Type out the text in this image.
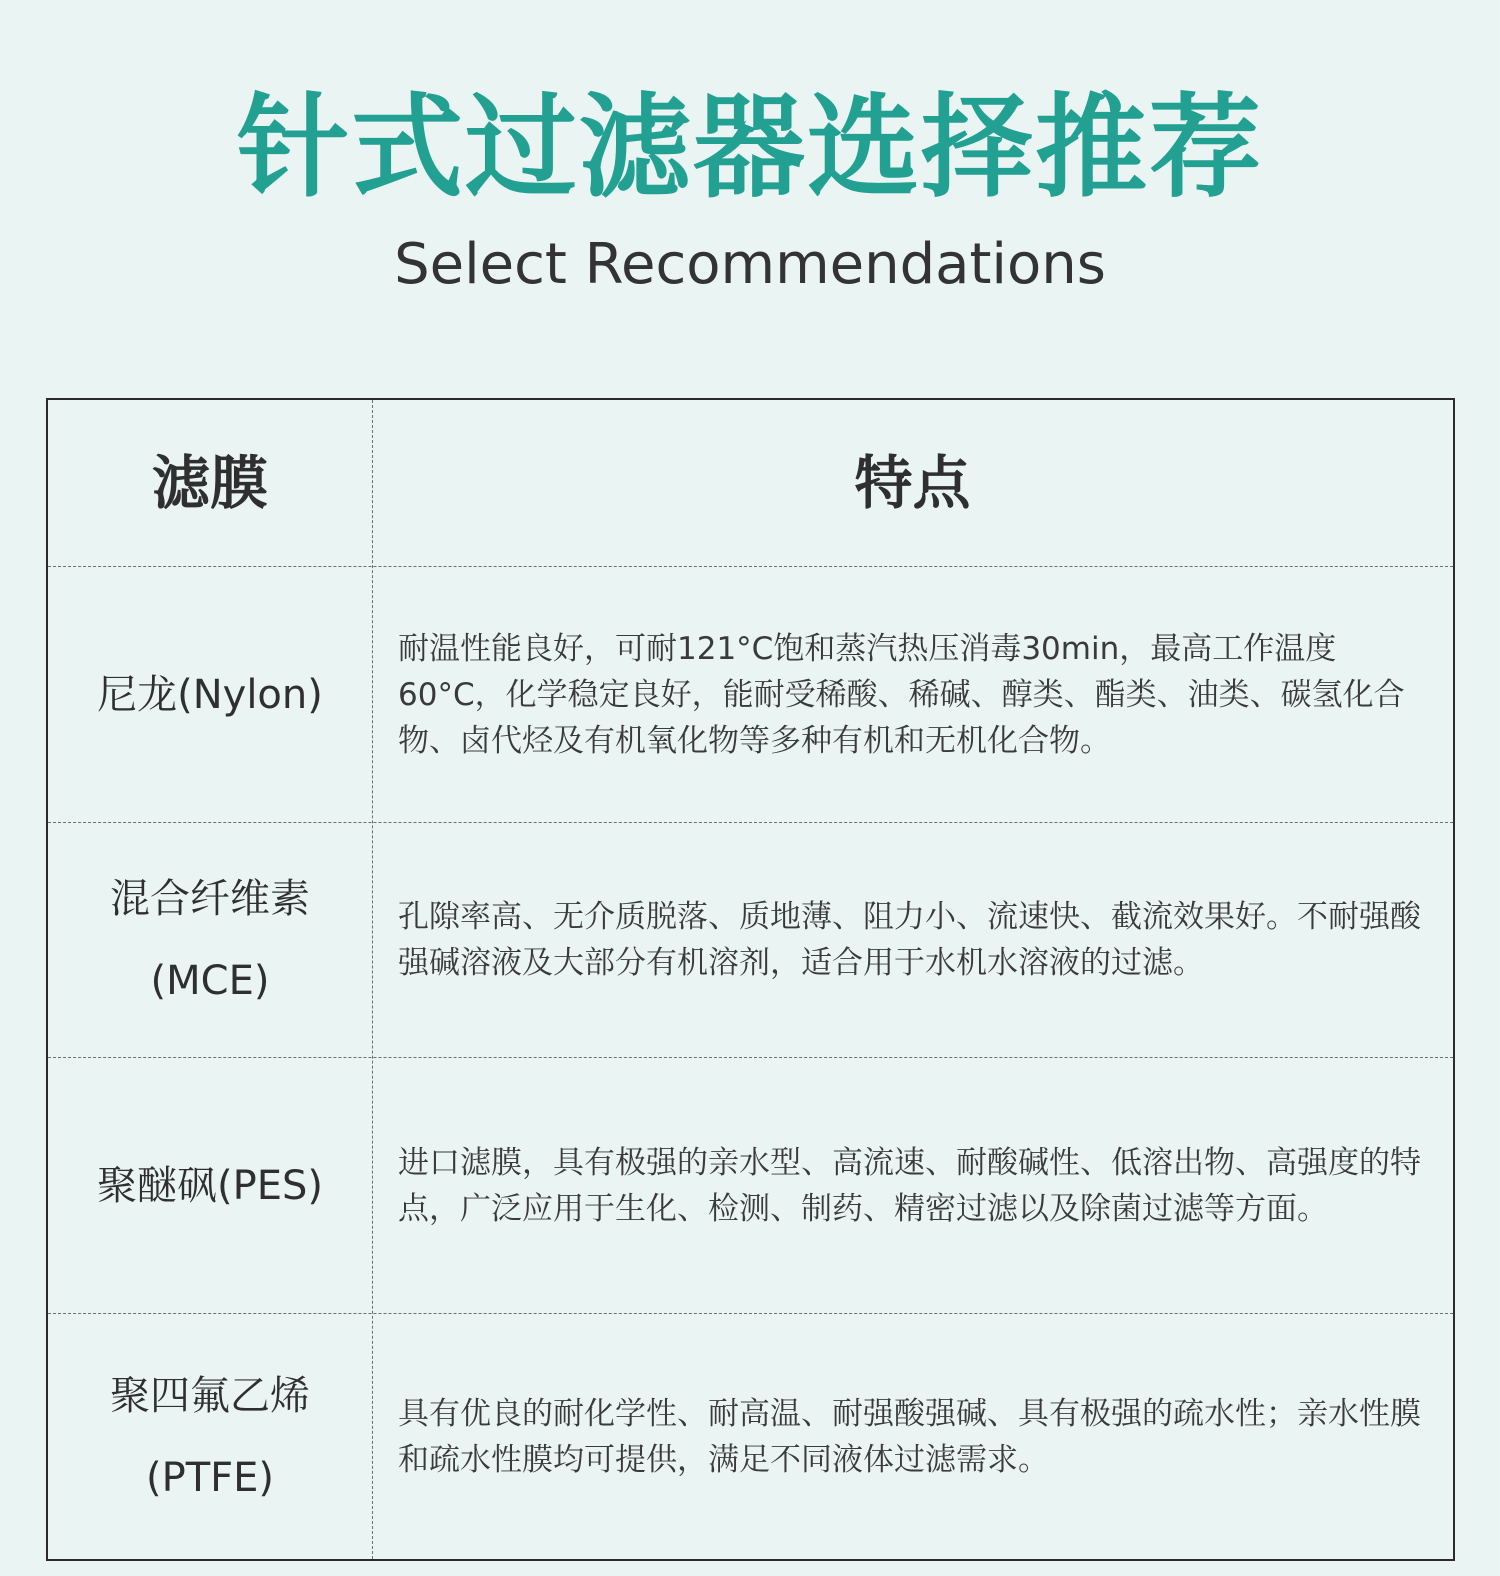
针式过滤器选择推荐
Select Recommendations
滤膜	特点
尼龙(Nylon)
耐温性能良好，可耐121°C饱和蒸汽热压消毒30min，最高工作温度60°C，化学稳定良好，能耐受稀酸、稀碱、醇类、酯类、油类、碳氢化合物、卤代烃及有机氧化物等多种有机和无机化合物。
混合纤维素
(MCE)
孔隙率高、无介质脱落、质地薄、阻力小、流速快、截流效果好。不耐强酸强碱溶液及大部分有机溶剂，适合用于水机水溶液的过滤。
聚醚砜(PES) 进口滤膜，具有极强的亲水型、高流速、耐酸碱性、低溶出物、高强度的特点，广泛应用于生化、检测、制药、精密过滤以及除菌过滤等方面。
聚四氟乙烯
(PTFE)
具有优良的耐化学性、耐高温、耐强酸强碱、具有极强的疏水性；亲水性膜和疏水性膜均可提供，满足不同液体过滤需求。
